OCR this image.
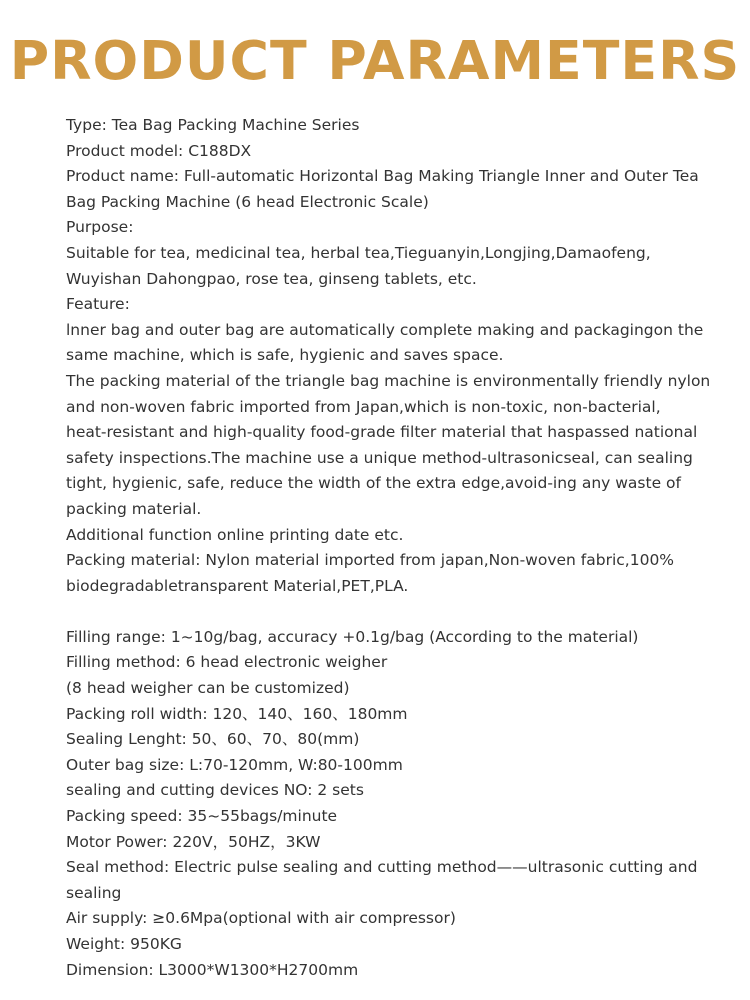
PRODUCT PARAMETERS
Type: Tea Bag Packing Machine Series
Product model: C188DX
Product name: Full-automatic Horizontal Bag Making Triangle Inner and Outer Tea
Bag Packing Machine (6 head Electronic Scale)
Purpose:
Suitable for tea, medicinal tea, herbal tea,Tieguanyin,Longjing,Damaofeng,
Wuyishan Dahongpao, rose tea, ginseng tablets, etc.
Feature:
lnner bag and outer bag are automatically complete making and packagingon the
same machine, which is safe, hygienic and saves space.
The packing material of the triangle bag machine is environmentally friendly nylon
and non-woven fabric imported from Japan,which is non-toxic, non-bacterial,
heat-resistant and high-quality food-grade filter material that haspassed national
safety inspections.The machine use a unique method-ultrasonicseal, can sealing
tight, hygienic, safe, reduce the width of the extra edge,avoid-ing any waste of
packing material.
Additional function online printing date etc.
Packing material: Nylon material imported from japan,Non-woven fabric,100%
biodegradabletransparent Material,PET,PLA.
Filling range: 1~10g/bag, accuracy +0.1g/bag (According to the material)
Filling method: 6 head electronic weigher
(8 head weigher can be customized)
Packing roll width: 120、140、160、180mm
Sealing Lenght: 50、60、70、80(mm)
Outer bag size: L:70-120mm, W:80-100mm
sealing and cutting devices NO: 2 sets
Packing speed: 35~55bags/minute
Motor Power: 220V，50HZ，3KW
Seal method: Electric pulse sealing and cutting method——ultrasonic cutting and
sealing
Air supply: ≥0.6Mpa(optional with air compressor)
Weight: 950KG
Dimension: L3000*W1300*H2700mm
